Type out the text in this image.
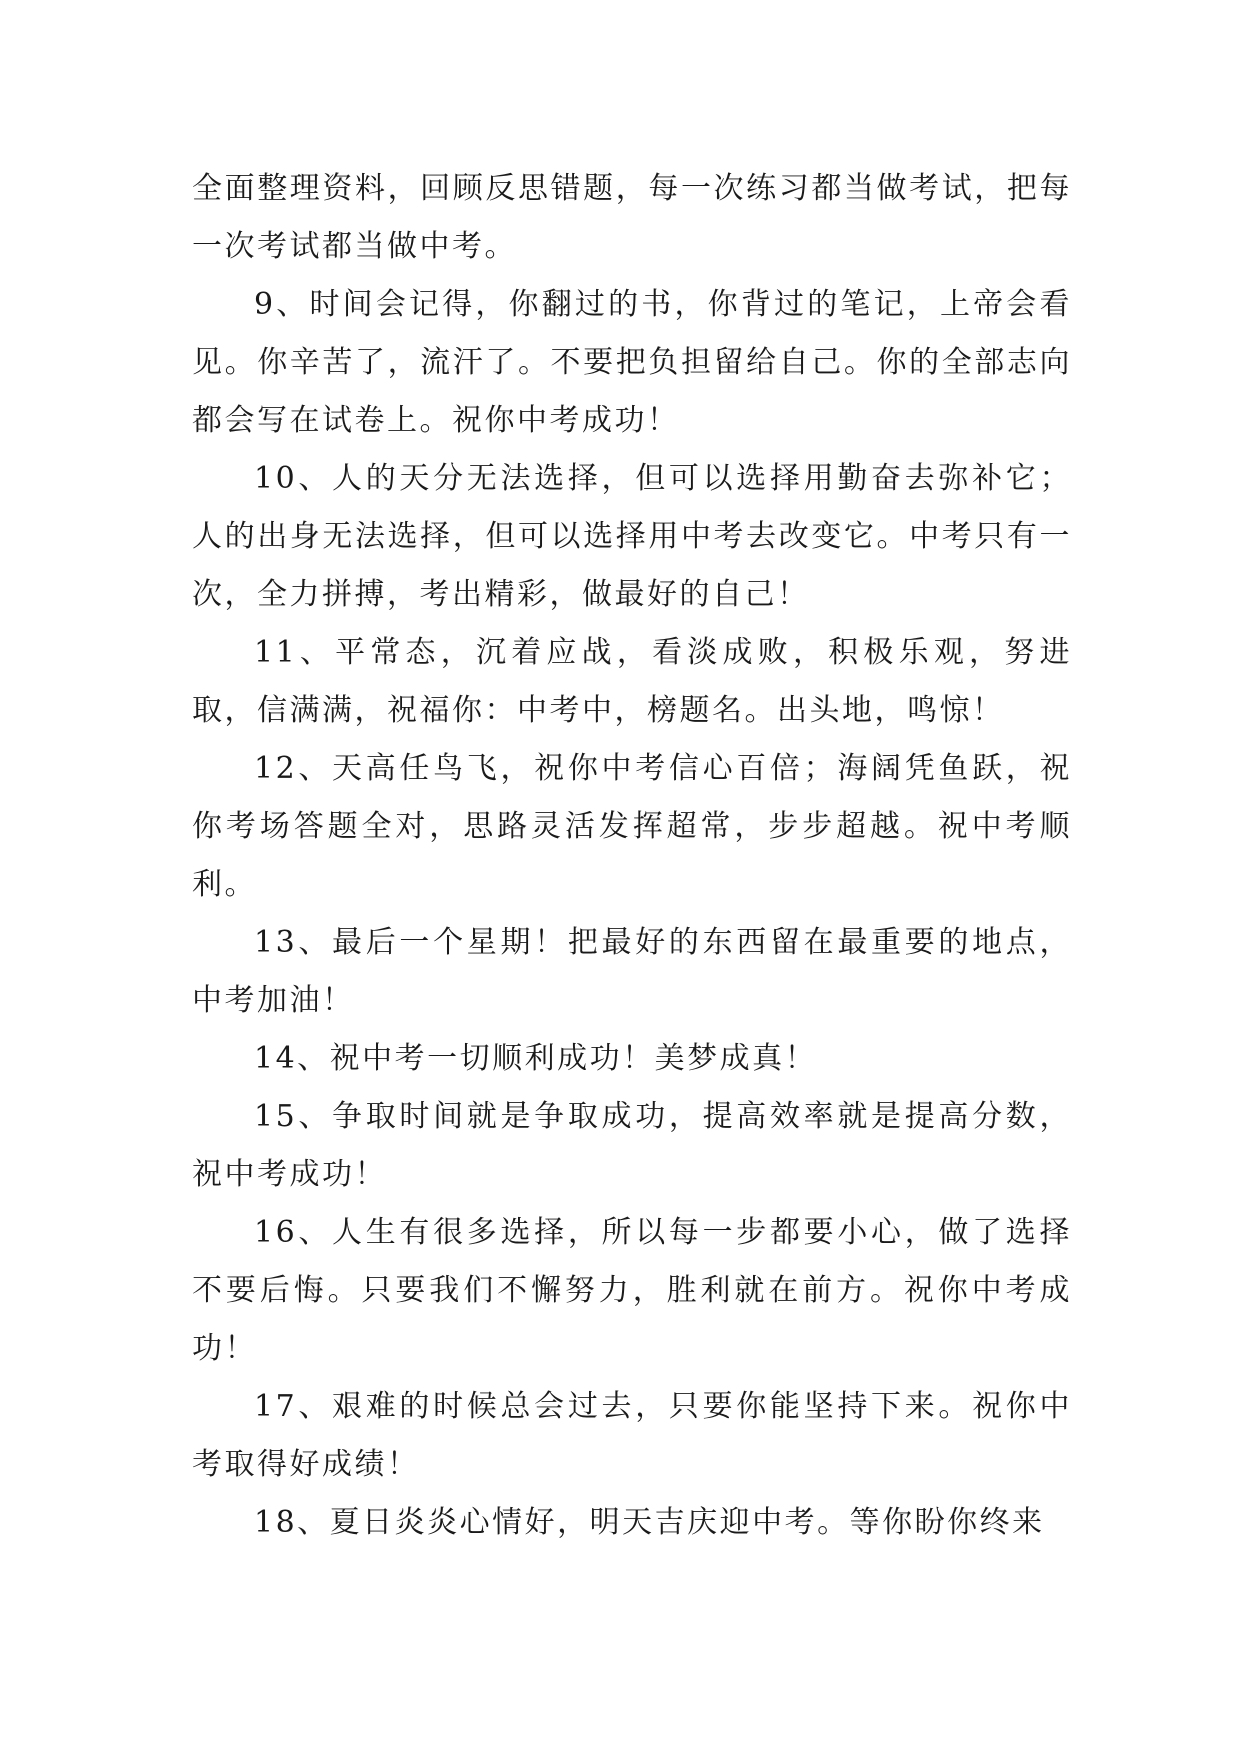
全面整理资料，回顾反思错题，每一次练习都当做考试，把每一次考试都当做中考。

9、时间会记得，你翻过的书，你背过的笔记，上帝会看见。你辛苦了，流汗了。不要把负担留给自己。你的全部志向都会写在试卷上。祝你中考成功！

10、人的天分无法选择，但可以选择用勤奋去弥补它；人的出身无法选择，但可以选择用中考去改变它。中考只有一次，全力拼搏，考出精彩，做最好的自己！

11、平常态，沉着应战，看淡成败，积极乐观，努进取，信满满，祝福你：中考中，榜题名。出头地，鸣惊！

12、天高任鸟飞，祝你中考信心百倍；海阔凭鱼跃，祝你考场答题全对，思路灵活发挥超常，步步超越。祝中考顺利。

13、最后一个星期！把最好的东西留在最重要的地点，中考加油！

14、祝中考一切顺利成功！美梦成真！

15、争取时间就是争取成功，提高效率就是提高分数，祝中考成功！

16、人生有很多选择，所以每一步都要小心，做了选择不要后悔。只要我们不懈努力，胜利就在前方。祝你中考成功！

17、艰难的时候总会过去，只要你能坚持下来。祝你中考取得好成绩！

18、夏日炎炎心情好，明天吉庆迎中考。等你盼你终来
